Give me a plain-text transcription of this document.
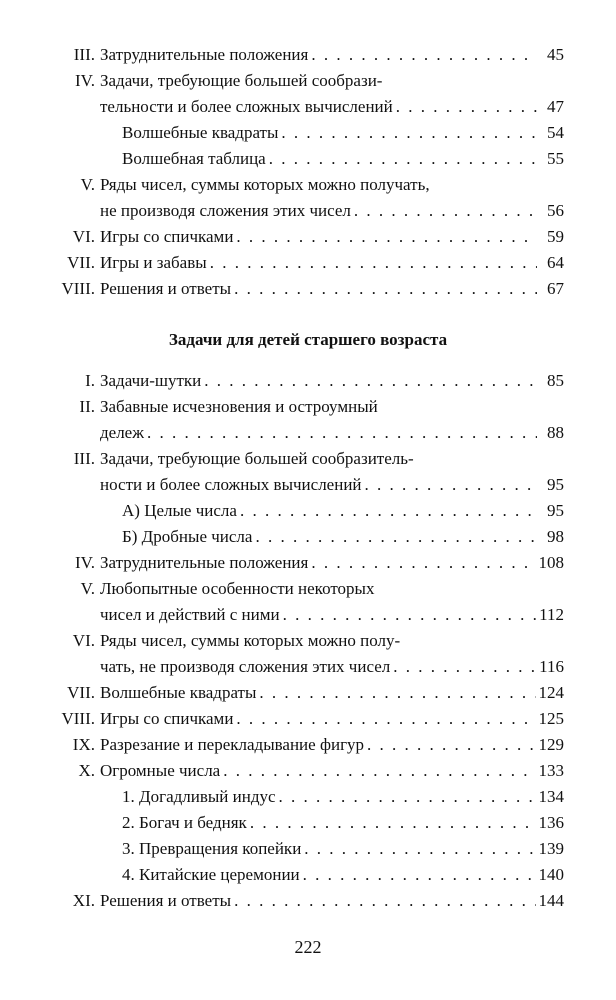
III. Затруднительные положения . . .	45
IV. Задачи, требующие большей сообрази-
тельности и более сложных вычислений . . .	47
Волшебные квадраты . . .	54
Волшебная таблица . . .	55
V. Ряды чисел, суммы которых можно получать,
не производя сложения этих чисел . . .	56
VI. Игры со спичками . . .	59
VII. Игры и забавы . . .	64
VIII. Решения и ответы . . .	67
Задачи для детей старшего возраста
I. Задачи-шутки . . .	85
II. Забавные исчезновения и остроумный
дележ . . .	88
III. Задачи, требующие большей сообразитель-
ности и более сложных вычислений . . .	95
А) Целые числа . . .	95
Б) Дробные числа . . .	98
IV. Затруднительные положения . . .	108
V. Любопытные особенности некоторых
чисел и действий с ними . . .	112
VI. Ряды чисел, суммы которых можно полу-
чать, не производя сложения этих чисел . . .	116
VII. Волшебные квадраты . . .	124
VIII. Игры со спичками . . .	125
IX. Разрезание и перекладывание фигур . . .	129
X. Огромные числа . . .	133
1. Догадливый индус . . .	134
2. Богач и бедняк . . .	136
3. Превращения копейки . . .	139
4. Китайские церемонии . . .	140
XI. Решения и ответы . . .	144
222
